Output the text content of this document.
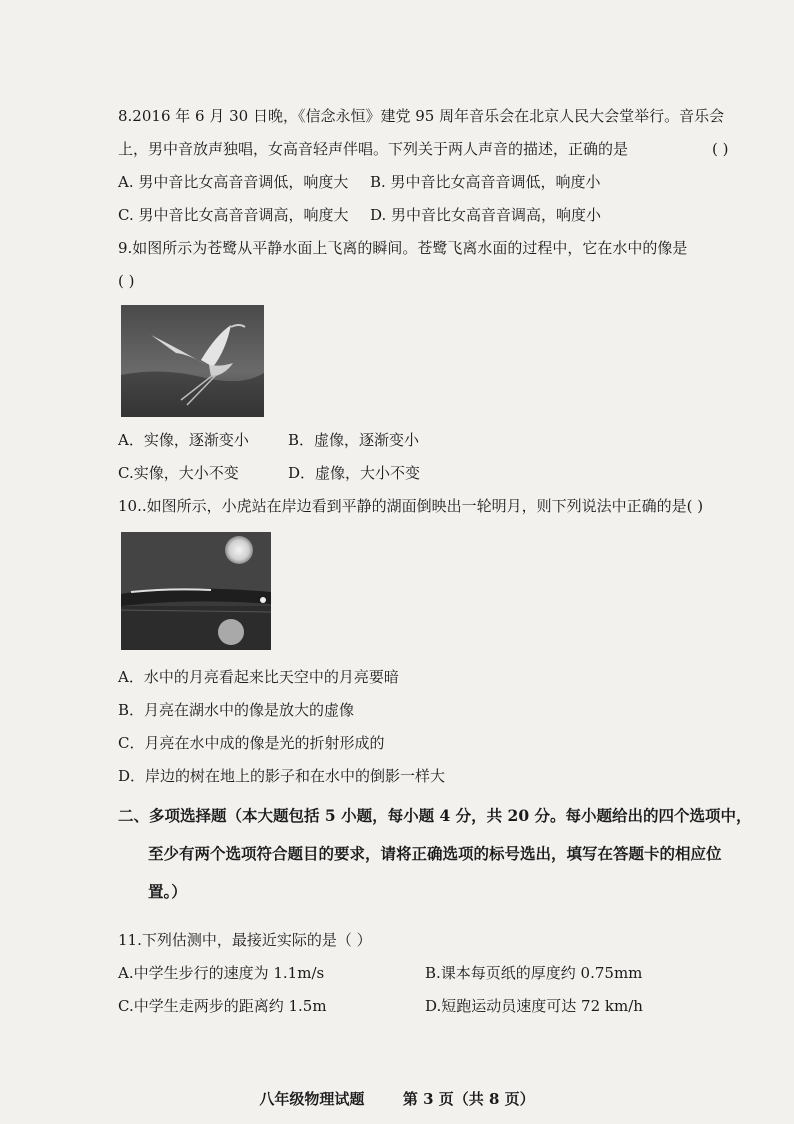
8.2016 年 6 月 30 日晚，《信念永恒》建党 95 周年音乐会在北京人民大会堂举行。音乐会
上，男中音放声独唱，女高音轻声伴唱。下列关于两人声音的描述，正确的是	( )
A. 男中音比女高音音调低，响度大 B. 男中音比女高音音调低，响度小
C. 男中音比女高音音调高，响度大 D. 男中音比女高音音调高，响度小
9.如图所示为苍鹭从平静水面上飞离的瞬间。苍鹭飞离水面的过程中，它在水中的像是
( )
A．实像，逐渐变小	B．虚像，逐渐变小
C.实像，大小不变	D．虚像，大小不变
10..如图所示，小虎站在岸边看到平静的湖面倒映出一轮明月，则下列说法中正确的是( )
A．水中的月亮看起来比天空中的月亮要暗
B．月亮在湖水中的像是放大的虚像
C．月亮在水中成的像是光的折射形成的
D．岸边的树在地上的影子和在水中的倒影一样大
二、多项选择题（本大题包括 5 小题，每小题 4 分，共 20 分。每小题给出的四个选项中，
至少有两个选项符合题目的要求，请将正确选项的标号选出，填写在答题卡的相应位
置。）
11.下列估测中，最接近实际的是（ ）
A.中学生步行的速度为 1.1m/s	B.课本每页纸的厚度约 0.75mm
C.中学生走两步的距离约 1.5m	D.短跑运动员速度可达 72 km/h
八年级物理试题	第 3 页（共 8 页）
